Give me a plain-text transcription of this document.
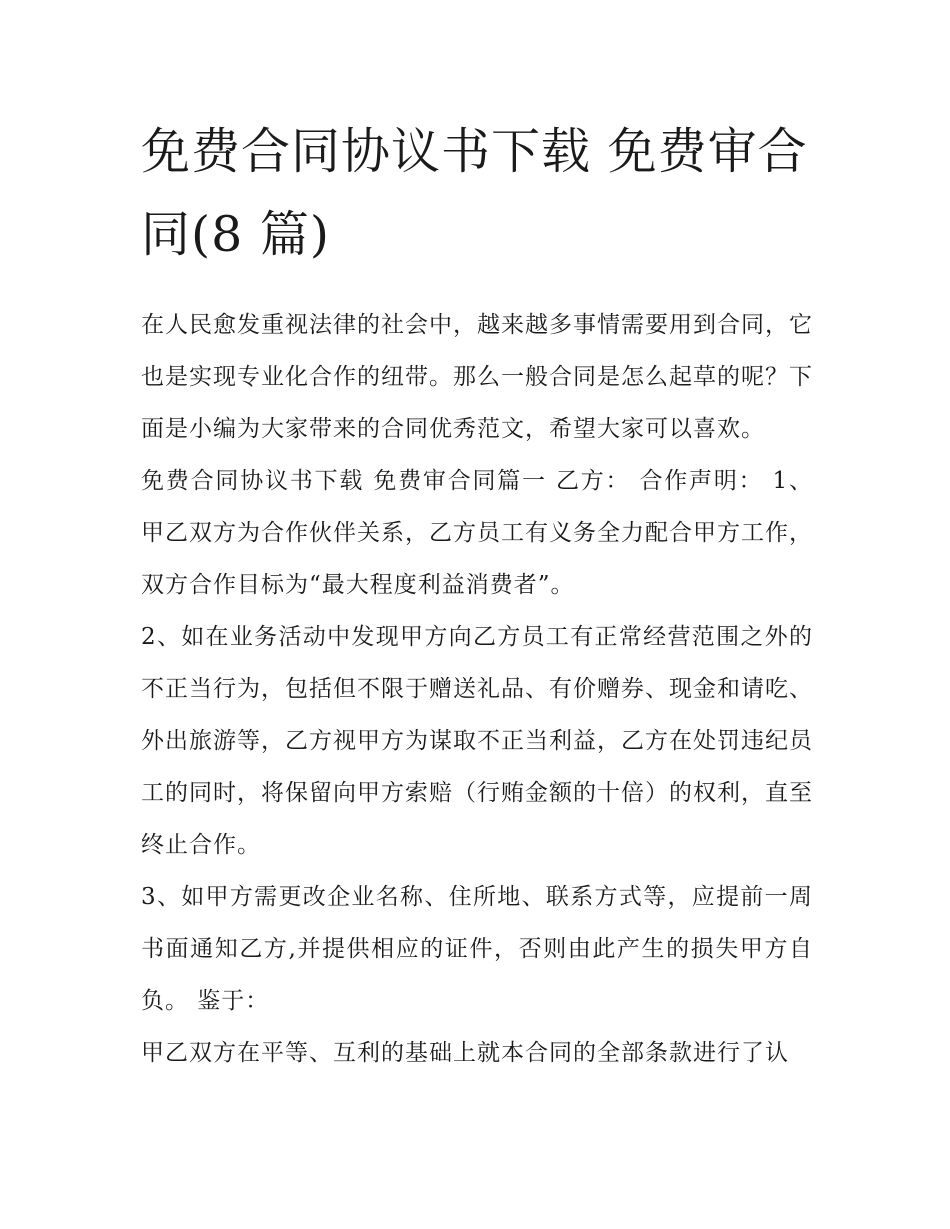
免费合同协议书下载 免费审合同(8 篇)

在人民愈发重视法律的社会中，越来越多事情需要用到合同，它也是实现专业化合作的纽带。那么一般合同是怎么起草的呢？下面是小编为大家带来的合同优秀范文，希望大家可以喜欢。

免费合同协议书下载 免费审合同篇一 乙方： 合作声明： 1、甲乙双方为合作伙伴关系，乙方员工有义务全力配合甲方工作，双方合作目标为“最大程度利益消费者”。

2、如在业务活动中发现甲方向乙方员工有正常经营范围之外的不正当行为，包括但不限于赠送礼品、有价赠券、现金和请吃、外出旅游等，乙方视甲方为谋取不正当利益，乙方在处罚违纪员工的同时，将保留向甲方索赔（行贿金额的十倍）的权利，直至终止合作。

3、如甲方需更改企业名称、住所地、联系方式等，应提前一周书面通知乙方,并提供相应的证件，否则由此产生的损失甲方自负。 鉴于：

甲乙双方在平等、互利的基础上就本合同的全部条款进行了认
